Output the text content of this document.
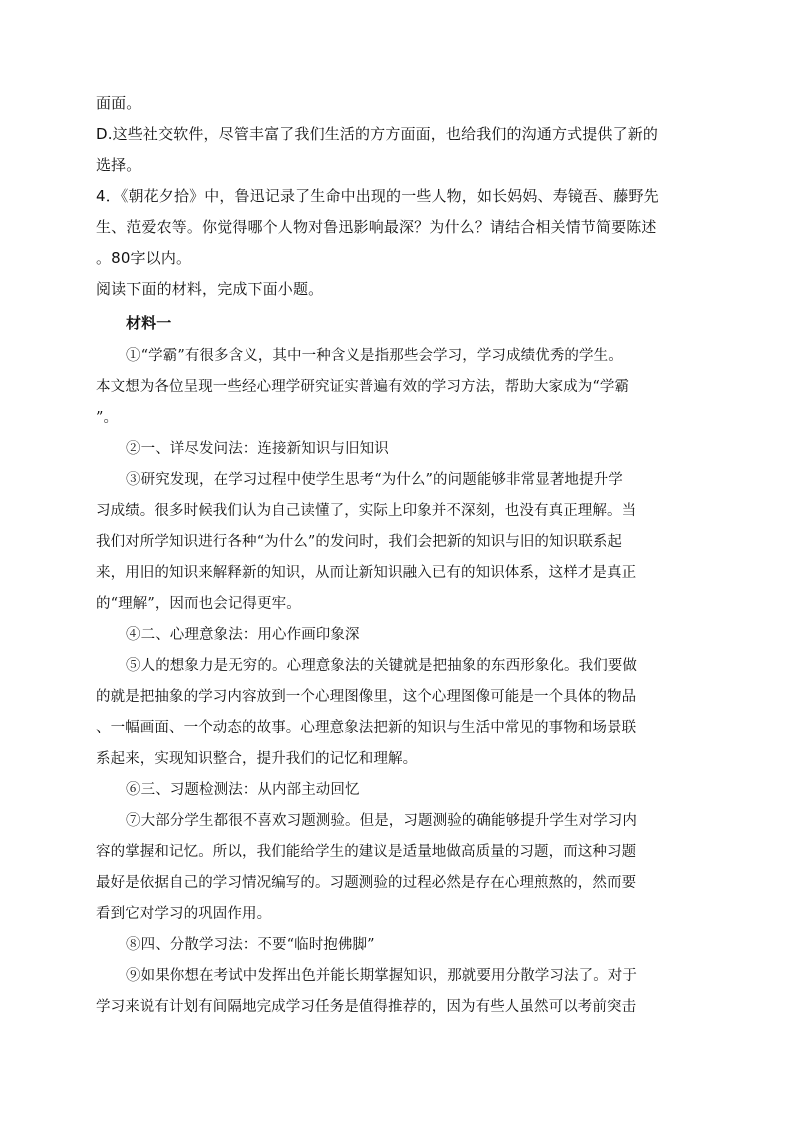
面面。
D.这些社交软件，尽管丰富了我们生活的方方面面，也给我们的沟通方式提供了新的
选择。
4．《朝花夕拾》中，鲁迅记录了生命中出现的一些人物，如长妈妈、寿镜吾、藤野先
生、范爱农等。你觉得哪个人物对鲁迅影响最深？为什么？请结合相关情节简要陈述
。80字以内。
阅读下面的材料，完成下面小题。
材料一
①“学霸”有很多含义，其中一种含义是指那些会学习，学习成绩优秀的学生。
本文想为各位呈现一些经心理学研究证实普遍有效的学习方法，帮助大家成为“学霸
”。
②一、详尽发问法：连接新知识与旧知识
③研究发现，在学习过程中使学生思考“为什么”的问题能够非常显著地提升学
习成绩。很多时候我们认为自己读懂了，实际上印象并不深刻，也没有真正理解。当
我们对所学知识进行各种“为什么”的发问时，我们会把新的知识与旧的知识联系起
来，用旧的知识来解释新的知识，从而让新知识融入已有的知识体系，这样才是真正
的“理解”，因而也会记得更牢。
④二、心理意象法：用心作画印象深
⑤人的想象力是无穷的。心理意象法的关键就是把抽象的东西形象化。我们要做
的就是把抽象的学习内容放到一个心理图像里，这个心理图像可能是一个具体的物品
、一幅画面、一个动态的故事。心理意象法把新的知识与生活中常见的事物和场景联
系起来，实现知识整合，提升我们的记忆和理解。
⑥三、习题检测法：从内部主动回忆
⑦大部分学生都很不喜欢习题测验。但是，习题测验的确能够提升学生对学习内
容的掌握和记忆。所以，我们能给学生的建议是适量地做高质量的习题，而这种习题
最好是依据自己的学习情况编写的。习题测验的过程必然是存在心理煎熬的，然而要
看到它对学习的巩固作用。
⑧四、分散学习法：不要“临时抱佛脚”
⑨如果你想在考试中发挥出色并能长期掌握知识，那就要用分散学习法了。对于
学习来说有计划有间隔地完成学习任务是值得推荐的，因为有些人虽然可以考前突击
